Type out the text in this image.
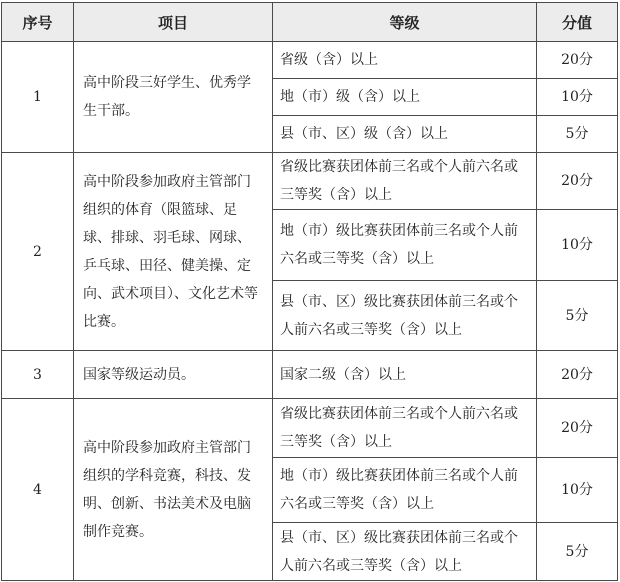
序号	项目	等级	分值
1	高中阶段三好学生、优秀学生干部。	省级（含）以上	20分
		地（市）级（含）以上	10分
		县（市、区）级（含）以上	5分
2	高中阶段参加政府主管部门组织的体育（限篮球、足球、排球、羽毛球、网球、乒乓球、田径、健美操、定向、武术项目）、文化艺术等比赛。	省级比赛获团体前三名或个人前六名或三等奖（含）以上	20分
		地（市）级比赛获团体前三名或个人前六名或三等奖（含）以上	10分
		县（市、区）级比赛获团体前三名或个人前六名或三等奖（含）以上	5分
3	国家等级运动员。	国家二级（含）以上	20分
4	高中阶段参加政府主管部门组织的学科竞赛，科技、发明、创新、书法美术及电脑制作竞赛。	省级比赛获团体前三名或个人前六名或三等奖（含）以上	20分
		地（市）级比赛获团体前三名或个人前六名或三等奖（含）以上	10分
		县（市、区）级比赛获团体前三名或个人前六名或三等奖（含）以上	5分
